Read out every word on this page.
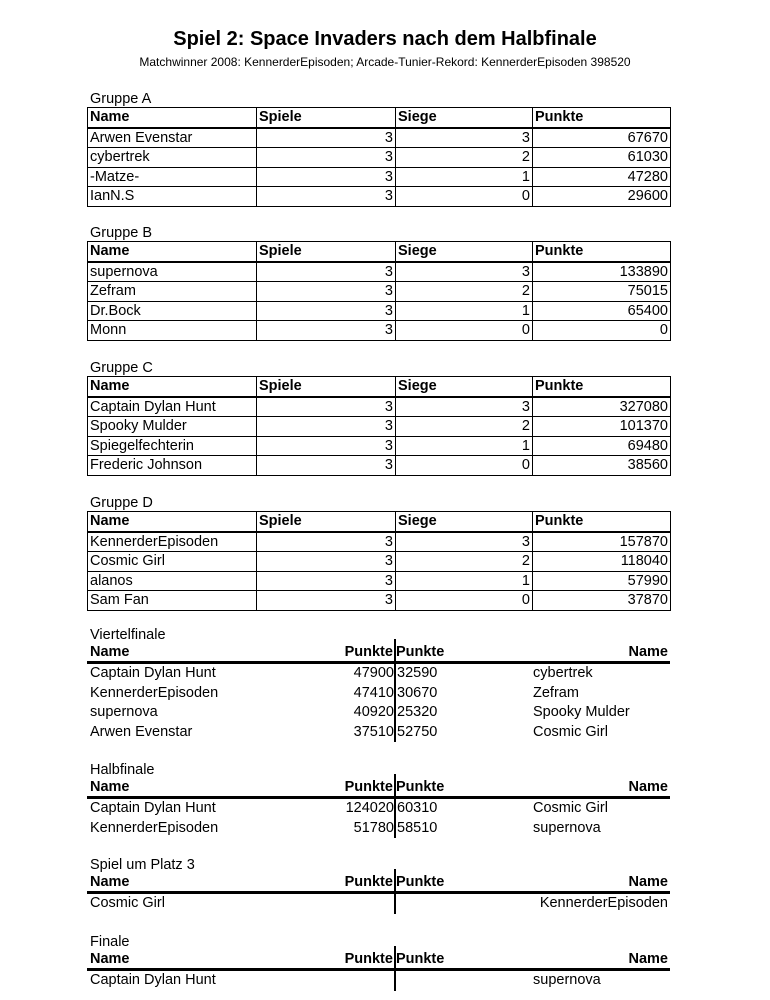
Spiel 2: Space Invaders nach dem Halbfinale
Matchwinner 2008: KennerderEpisoden; Arcade-Tunier-Rekord: KennerderEpisoden 398520
Gruppe A
Name	Spiele	Siege	Punkte
Arwen Evenstar	3	3	67670
cybertrek	3	2	61030
-Matze-	3	1	47280
IanN.S	3	0	29600
Gruppe B
Name	Spiele	Siege	Punkte
supernova	3	3	133890
Zefram	3	2	75015
Dr.Bock	3	1	65400
Monn	3	0	0
Gruppe C
Name	Spiele	Siege	Punkte
Captain Dylan Hunt	3	3	327080
Spooky Mulder	3	2	101370
Spiegelfechterin	3	1	69480
Frederic Johnson	3	0	38560
Gruppe D
Name	Spiele	Siege	Punkte
KennerderEpisoden	3	3	157870
Cosmic Girl	3	2	118040
alanos	3	1	57990
Sam Fan	3	0	37870
Viertelfinale
Name	Punkte Punkte	Name
Captain Dylan Hunt	47900 32590	cybertrek
KennerderEpisoden	47410 30670	Zefram
supernova	40920 25320	Spooky Mulder
Arwen Evenstar	37510 52750	Cosmic Girl
Halbfinale
Name	Punkte Punkte	Name
Captain Dylan Hunt	124020 60310	Cosmic Girl
KennerderEpisoden	51780 58510	supernova
Spiel um Platz 3
Name	Punkte Punkte	Name
Cosmic Girl	KennerderEpisoden
Finale
Name	Punkte Punkte	Name
Captain Dylan Hunt	supernova
